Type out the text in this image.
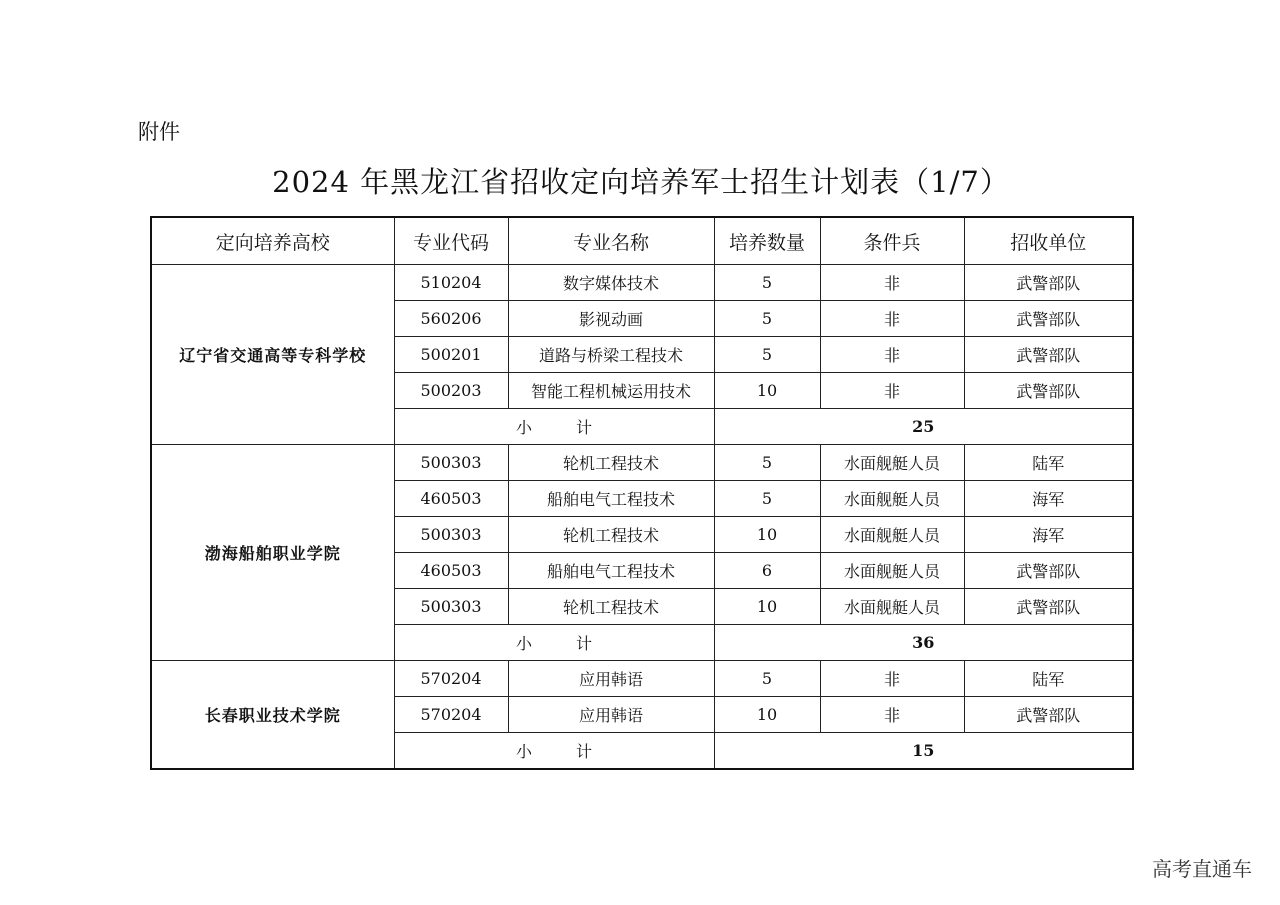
附件
2024 年黑龙江省招收定向培养军士招生计划表（1/7）
定向培养高校	专业代码	专业名称	培养数量	条件兵	招收单位
辽宁省交通高等专科学校	510204	数字媒体技术	5	非	武警部队
	560206	影视动画	5	非	武警部队
	500201	道路与桥梁工程技术	5	非	武警部队
	500203	智能工程机械运用技术	10	非	武警部队
	小 计		25		
渤海船舶职业学院	500303	轮机工程技术	5	水面舰艇人员	陆军
	460503	船舶电气工程技术	5	水面舰艇人员	海军
	500303	轮机工程技术	10	水面舰艇人员	海军
	460503	船舶电气工程技术	6	水面舰艇人员	武警部队
	500303	轮机工程技术	10	水面舰艇人员	武警部队
	小 计		36		
长春职业技术学院	570204	应用韩语	5	非	陆军
	570204	应用韩语	10	非	武警部队
	小 计		15		
高考直通车
